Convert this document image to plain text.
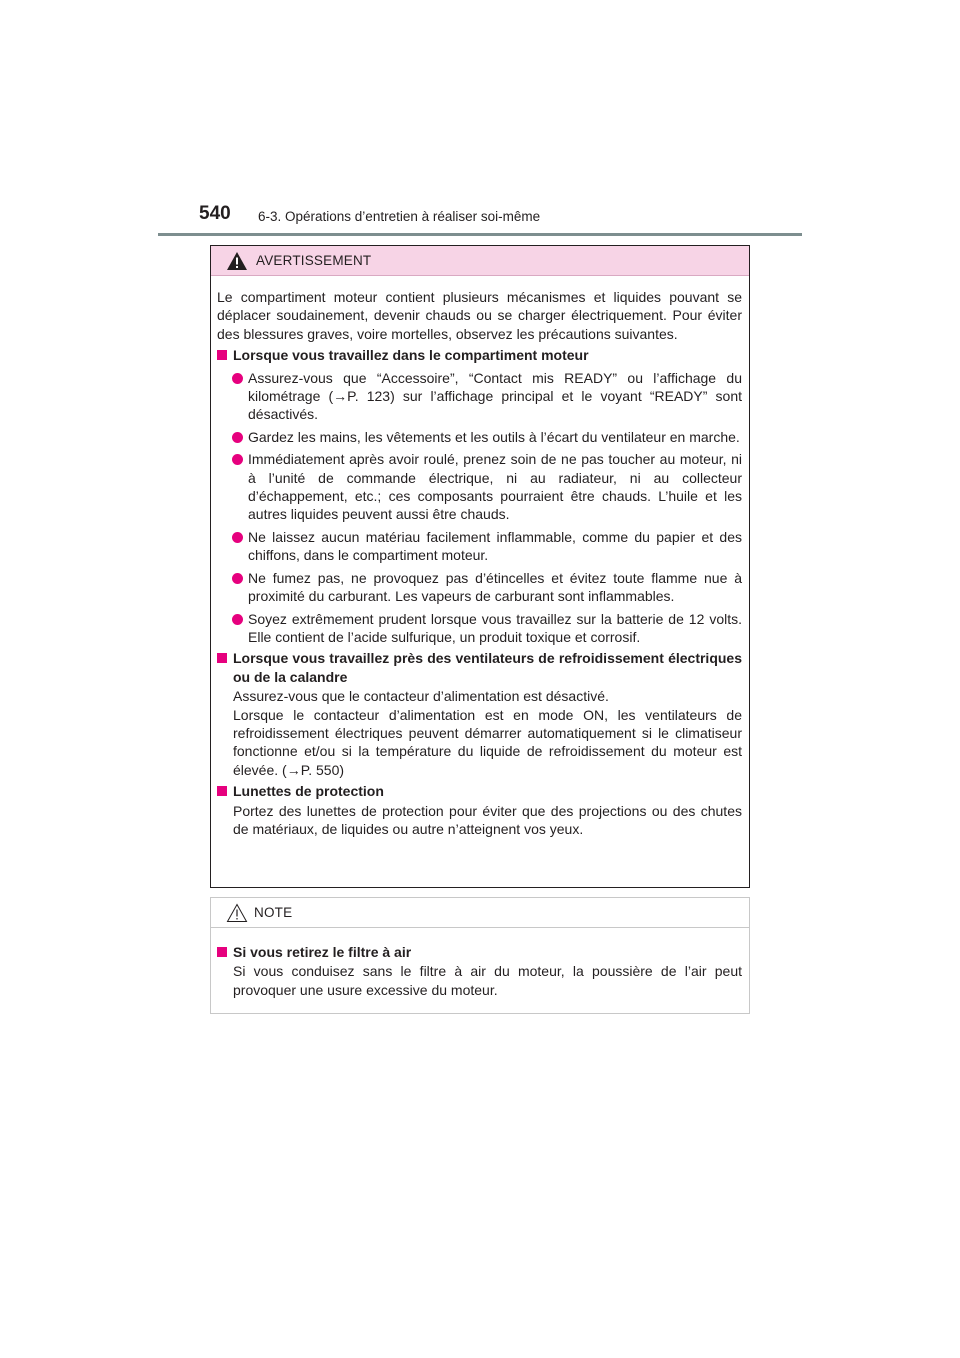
540 6-3. Opérations d’entretien à réaliser soi-même
AVERTISSEMENT

Le compartiment moteur contient plusieurs mécanismes et liquides pouvant se déplacer soudainement, devenir chauds ou se charger électriquement. Pour éviter des blessures graves, voire mortelles, observez les précautions suivantes.

Lorsque vous travaillez dans le compartiment moteur
Assurez-vous que “Accessoire”, “Contact mis READY” ou l’affichage du kilométrage (→P. 123) sur l’affichage principal et le voyant “READY” sont désactivés.
Gardez les mains, les vêtements et les outils à l’écart du ventilateur en marche.
Immédiatement après avoir roulé, prenez soin de ne pas toucher au moteur, ni à l’unité de commande électrique, ni au radiateur, ni au collecteur d’échappement, etc.; ces composants pourraient être chauds. L’huile et les autres liquides peuvent aussi être chauds.
Ne laissez aucun matériau facilement inflammable, comme du papier et des chiffons, dans le compartiment moteur.
Ne fumez pas, ne provoquez pas d’étincelles et évitez toute flamme nue à proximité du carburant. Les vapeurs de carburant sont inflammables.
Soyez extrêmement prudent lorsque vous travaillez sur la batterie de 12 volts. Elle contient de l’acide sulfurique, un produit toxique et corrosif.
Lorsque vous travaillez près des ventilateurs de refroidissement électriques ou de la calandre
Assurez-vous que le contacteur d’alimentation est désactivé.
Lorsque le contacteur d’alimentation est en mode ON, les ventilateurs de refroidissement électriques peuvent démarrer automatiquement si le climatiseur fonctionne et/ou si la température du liquide de refroidissement du moteur est élevée. (→P. 550)
Lunettes de protection
Portez des lunettes de protection pour éviter que des projections ou des chutes de matériaux, de liquides ou autre n’atteignent vos yeux.
NOTE
Si vous retirez le filtre à air
Si vous conduisez sans le filtre à air du moteur, la poussière de l’air peut provoquer une usure excessive du moteur.
